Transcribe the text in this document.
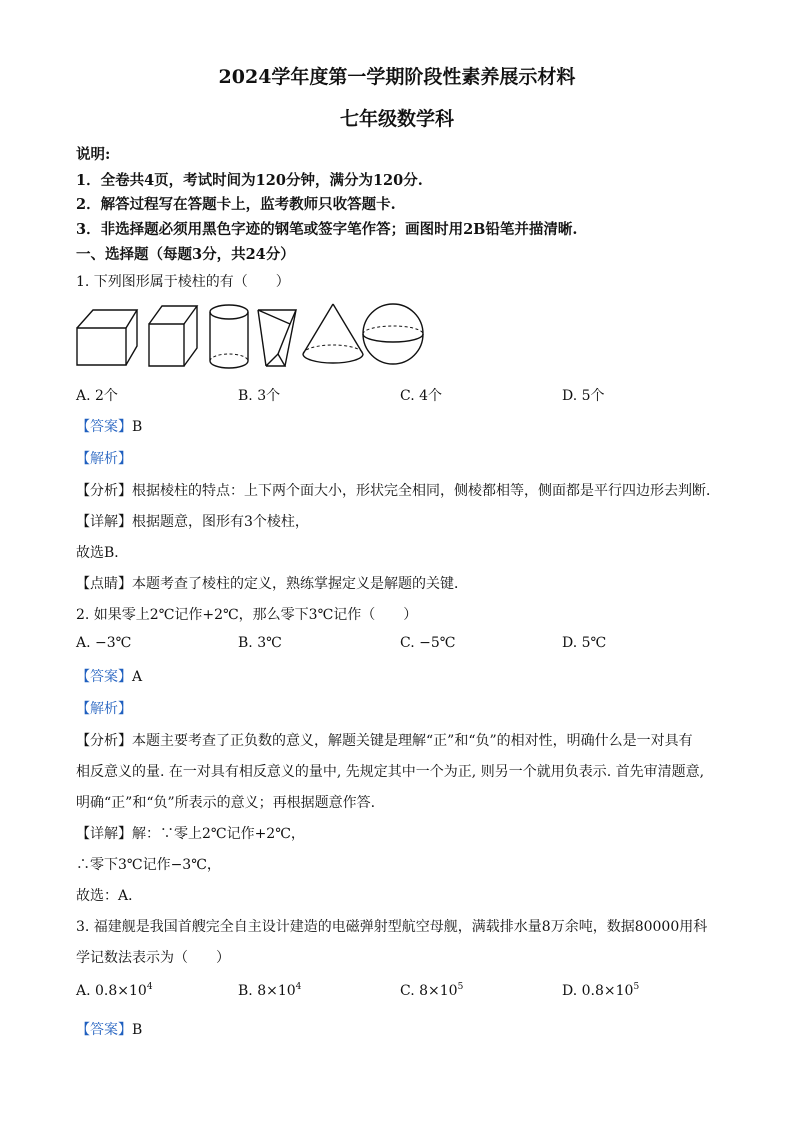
2024学年度第一学期阶段性素养展示材料
七年级数学科
说明:
1．全卷共4页，考试时间为120分钟，满分为120分.
2．解答过程写在答题卡上，监考教师只收答题卡.
3．非选择题必须用黑色字迹的钢笔或签字笔作答；画图时用2B铅笔并描清晰.
一、选择题（每题3分，共24分）
1. 下列图形属于棱柱的有（　　）
A. 2个	B. 3个	C. 4个	D. 5个
【答案】B
【解析】
【分析】根据棱柱的特点：上下两个面大小，形状完全相同，侧棱都相等，侧面都是平行四边形去判断．
【详解】根据题意，图形有3个棱柱，
故选B．
【点睛】本题考查了棱柱的定义，熟练掌握定义是解题的关键．
2. 如果零上2℃记作+2℃，那么零下3℃记作（　　）
A. −3℃	B. 3℃	C. −5℃	D. 5℃
【答案】A
【解析】
【分析】本题主要考查了正负数的意义，解题关键是理解“正”和“负”的相对性，明确什么是一对具有
相反意义的量. 在一对具有相反意义的量中, 先规定其中一个为正, 则另一个就用负表示. 首先审清题意,
明确“正”和“负”所表示的意义；再根据题意作答.
【详解】解：∵零上2℃记作+2℃，
∴零下3℃记作−3℃，
故选：A．
3. 福建舰是我国首艘完全自主设计建造的电磁弹射型航空母舰，满载排水量8万余吨，数据80000用科
学记数法表示为（　　）
A. $0.8\times 10^4$	B. $8\times 10^4$	C. $8\times 10^5$	D. $0.8\times 10^5$
【答案】B
